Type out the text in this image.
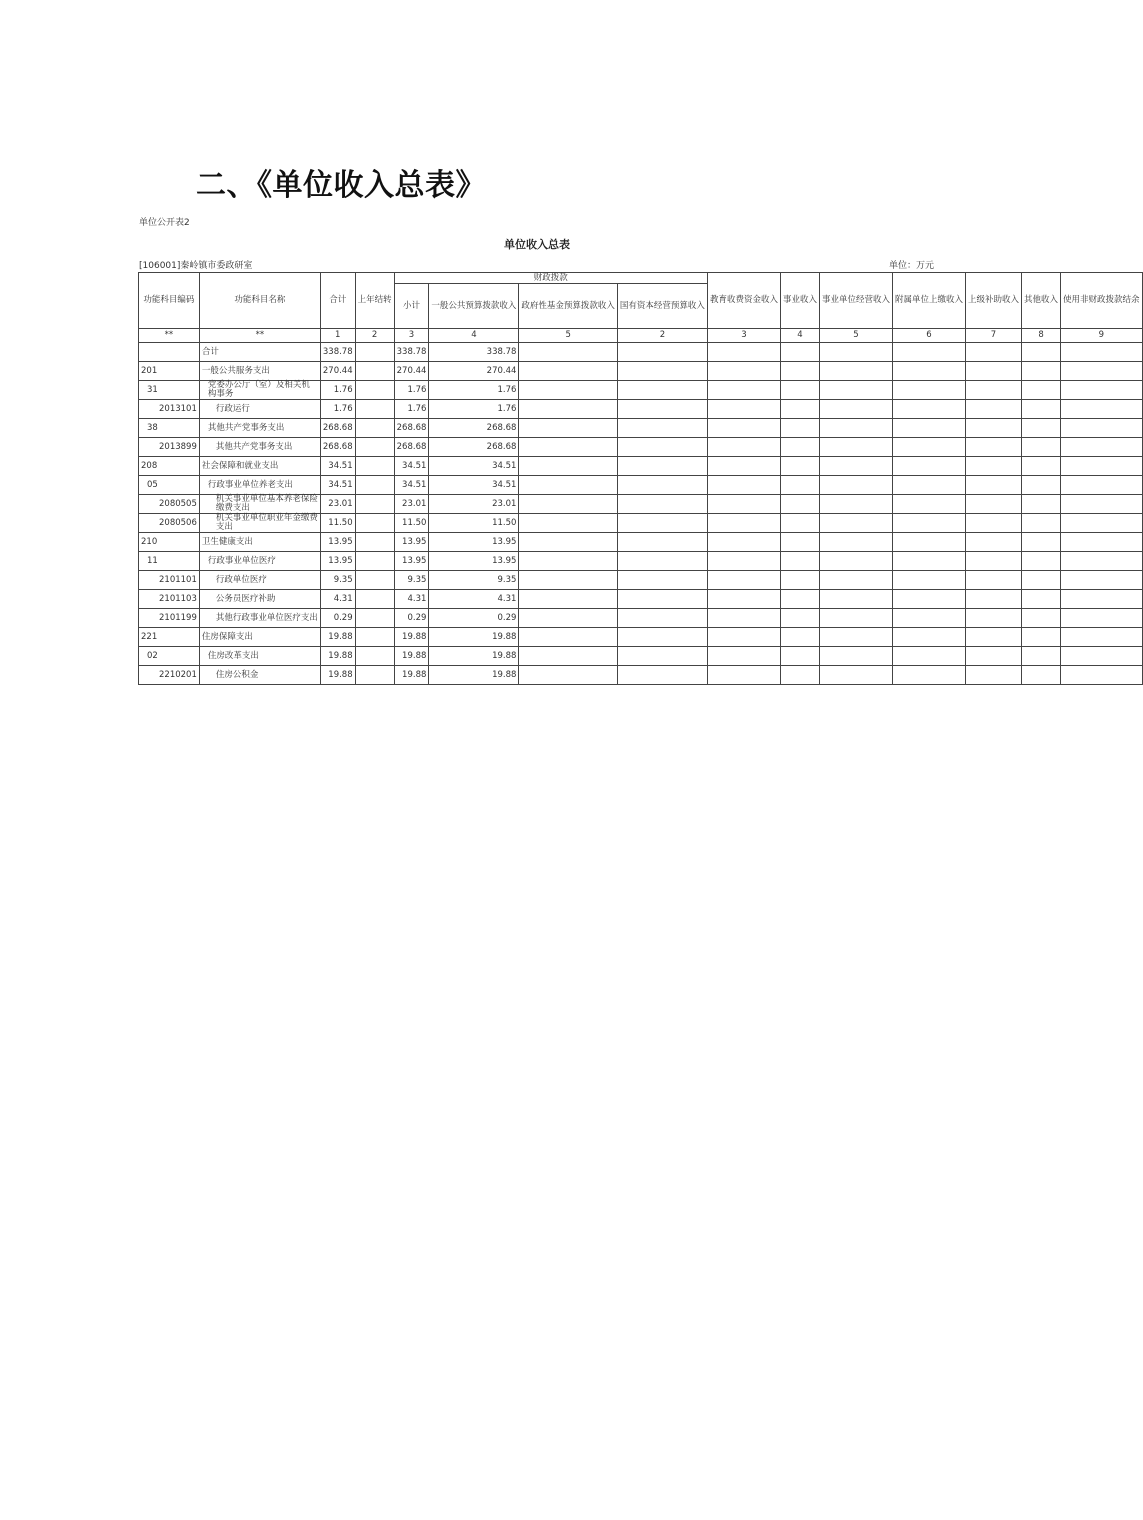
二、《单位收入总表》
单位公开表2
单位收入总表
[106001]秦岭镇市委政研室	单位：万元
功能科目编码	功能科目名称	合计	上年结转	财政拨款				教育收费资金收入	事业收入	事业单位经营收入	附属单位上缴收入	上级补助收入	其他收入	使用非财政拨款结余
				小计	一般公共预算拨款收入	政府性基金预算拨款收入	国有资本经营预算收入							
**	**	1	2	3	4	5	2	3	4	5	6	7	8	9
	合计	338.78		338.78	338.78									
201	一般公共服务支出	270.44		270.44	270.44									
31	党委办公厅（室）及相关机构事务	1.76		1.76	1.76									
2013101	行政运行	1.76		1.76	1.76									
38	其他共产党事务支出	268.68		268.68	268.68									
2013899	其他共产党事务支出	268.68		268.68	268.68									
208	社会保障和就业支出	34.51		34.51	34.51									
05	行政事业单位养老支出	34.51		34.51	34.51									
2080505	机关事业单位基本养老保险缴费支出	23.01		23.01	23.01									
2080506	机关事业单位职业年金缴费支出	11.50		11.50	11.50									
210	卫生健康支出	13.95		13.95	13.95									
11	行政事业单位医疗	13.95		13.95	13.95									
2101101	行政单位医疗	9.35		9.35	9.35									
2101103	公务员医疗补助	4.31		4.31	4.31									
2101199	其他行政事业单位医疗支出	0.29		0.29	0.29									
221	住房保障支出	19.88		19.88	19.88									
02	住房改革支出	19.88		19.88	19.88									
2210201	住房公积金	19.88		19.88	19.88									
